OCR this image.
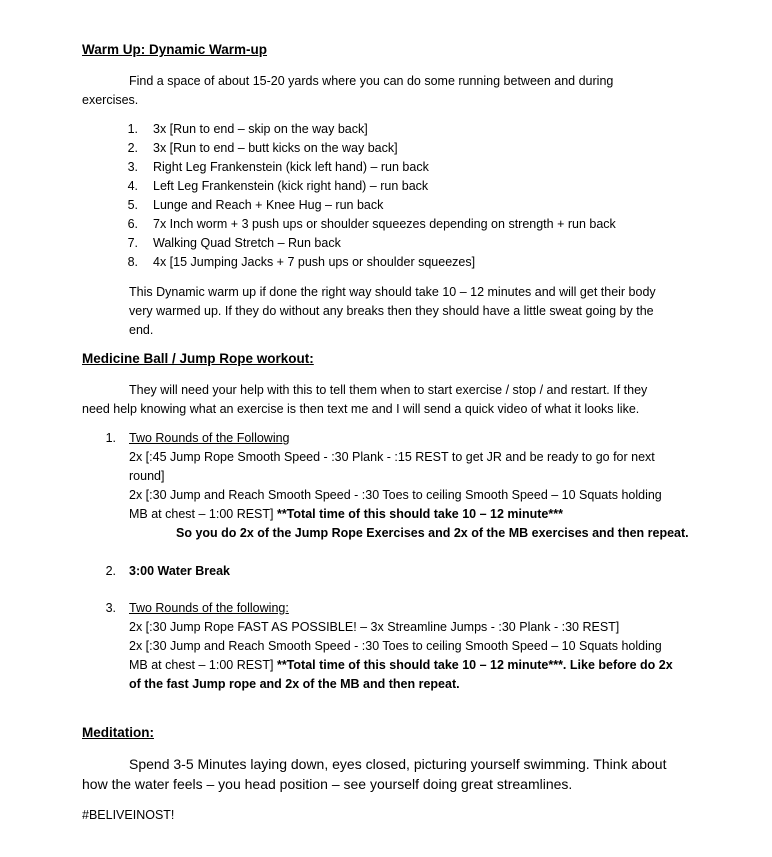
Warm Up: Dynamic Warm-up
Find a space of about 15-20 yards where you can do some running between and during
exercises.
1. 3x [Run to end – skip on the way back]
2. 3x [Run to end – butt kicks on the way back]
3. Right Leg Frankenstein (kick left hand) – run back
4. Left Leg Frankenstein (kick right hand) – run back
5. Lunge and Reach + Knee Hug – run back
6. 7x Inch worm + 3 push ups or shoulder squeezes depending on strength + run back
7. Walking Quad Stretch – Run back
8. 4x [15 Jumping Jacks + 7 push ups or shoulder squeezes]
This Dynamic warm up if done the right way should take 10 – 12 minutes and will get their body
very warmed up. If they do without any breaks then they should have a little sweat going by the
end.
Medicine Ball / Jump Rope workout:
They will need your help with this to tell them when to start exercise / stop / and restart. If they
need help knowing what an exercise is then text me and I will send a quick video of what it looks like.
1. Two Rounds of the Following
2x [:45 Jump Rope Smooth Speed - :30 Plank - :15 REST to get JR and be ready to go for next
round]
2x [:30 Jump and Reach Smooth Speed - :30 Toes to ceiling Smooth Speed – 10 Squats holding
MB at chest – 1:00 REST] **Total time of this should take 10 – 12 minute***
So you do 2x of the Jump Rope Exercises and 2x of the MB exercises and then repeat.
2. 3:00 Water Break
3. Two Rounds of the following:
2x [:30 Jump Rope FAST AS POSSIBLE! – 3x Streamline Jumps - :30 Plank - :30 REST]
2x [:30 Jump and Reach Smooth Speed - :30 Toes to ceiling Smooth Speed – 10 Squats holding
MB at chest – 1:00 REST] **Total time of this should take 10 – 12 minute***. Like before do 2x
of the fast Jump rope and 2x of the MB and then repeat.
Meditation:
Spend 3-5 Minutes laying down, eyes closed, picturing yourself swimming. Think about
how the water feels – you head position – see yourself doing great streamlines.
#BELIVEINOST!
